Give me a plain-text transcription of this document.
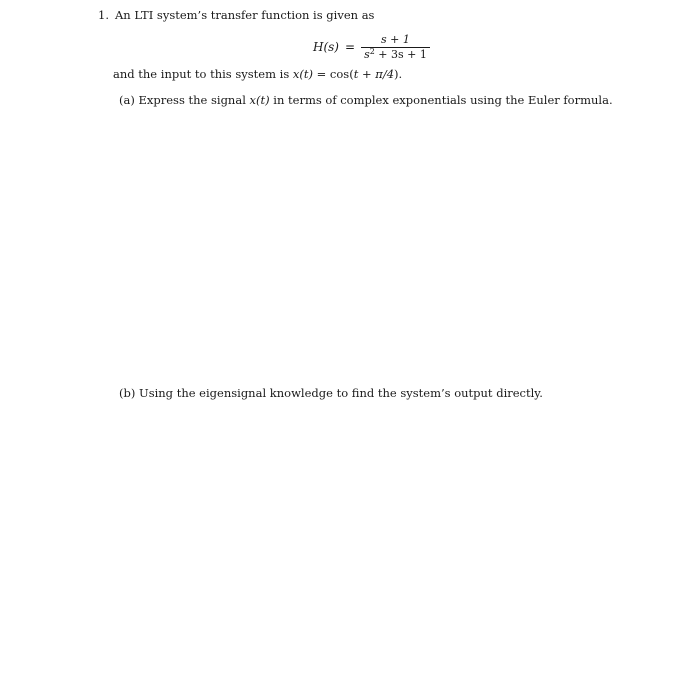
1. An LTI system’s transfer function is given as
$H(s) = \frac{s + 1}{s^2 + 3s + 1}$
and the input to this system is x(t) = cos(t + π/4).
(a) Express the signal x(t) in terms of complex exponentials using the Euler formula.
(b) Using the eigensignal knowledge to find the system’s output directly.
